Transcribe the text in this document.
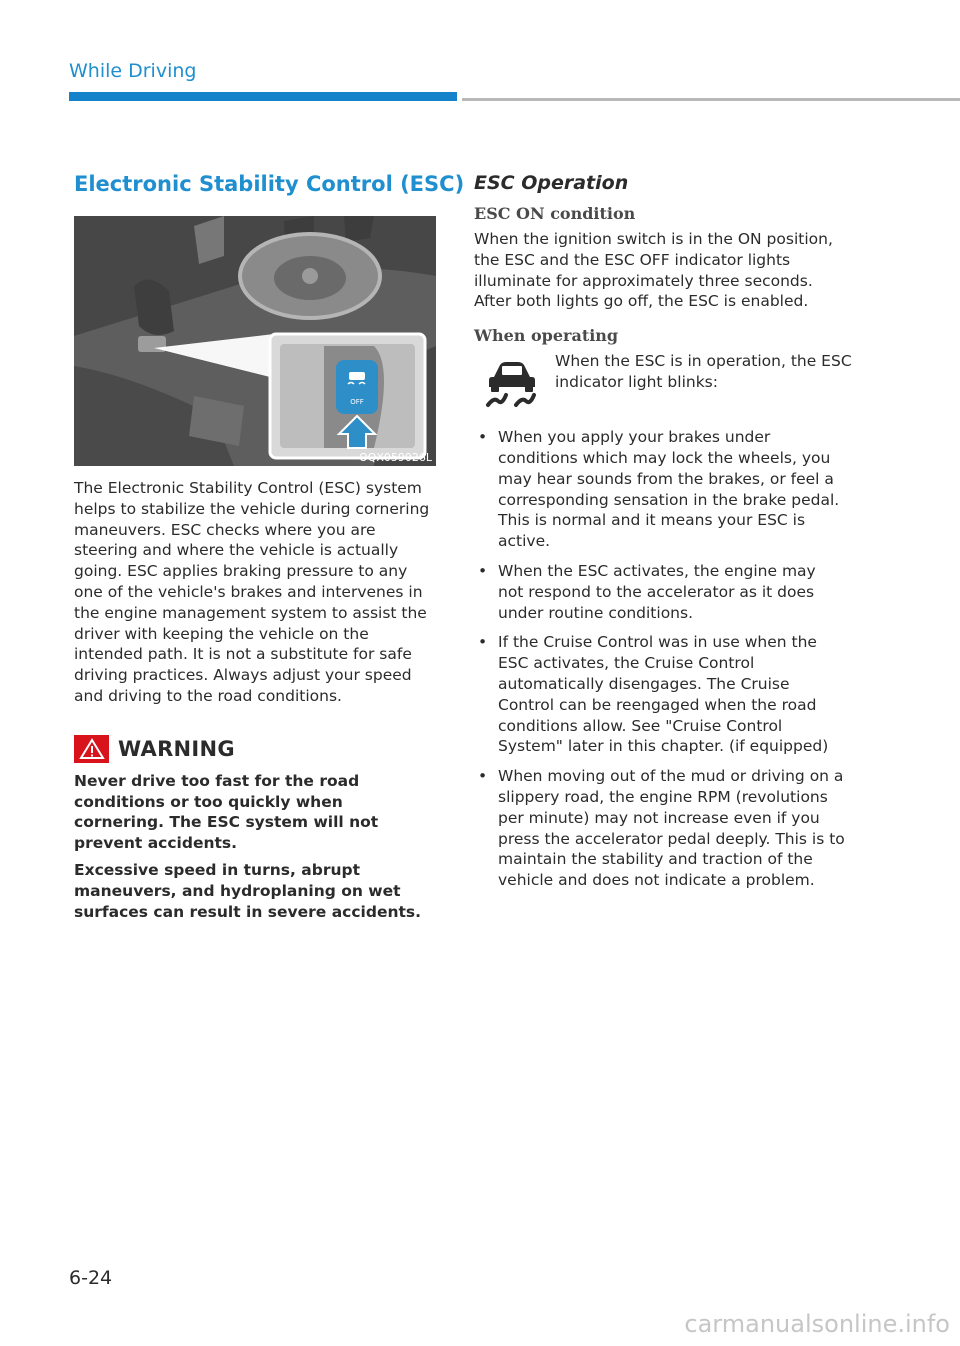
While Driving
Electronic Stability Control (ESC)
OFF
OQX059026L

The Electronic Stability Control (ESC) system helps to stabilize the vehicle during cornering maneuvers. ESC checks where you are steering and where the vehicle is actually going. ESC applies braking pressure to any one of the vehicle's brakes and intervenes in the engine management system to assist the driver with keeping the vehicle on the intended path. It is not a substitute for safe driving practices. Always adjust your speed and driving to the road conditions.

WARNING

Never drive too fast for the road conditions or too quickly when cornering. The ESC system will not prevent accidents.

Excessive speed in turns, abrupt maneuvers, and hydroplaning on wet surfaces can result in severe accidents.

ESC Operation
ESC ON condition

When the ignition switch is in the ON position, the ESC and the ESC OFF indicator lights illuminate for approximately three seconds. After both lights go off, the ESC is enabled.

When operating
When the ESC is in operation, the ESC indicator light blinks:
• When you apply your brakes under conditions which may lock the wheels, you may hear sounds from the brakes, or feel a corresponding sensation in the brake pedal. This is normal and it means your ESC is active.
• When the ESC activates, the engine may not respond to the accelerator as it does under routine conditions.
• If the Cruise Control was in use when the ESC activates, the Cruise Control automatically disengages. The Cruise Control can be reengaged when the road conditions allow. See "Cruise Control System" later in this chapter. (if equipped)
• When moving out of the mud or driving on a slippery road, the engine RPM (revolutions per minute) may not increase even if you press the accelerator pedal deeply. This is to maintain the stability and traction of the vehicle and does not indicate a problem.
6-24
carmanualsonline.info
